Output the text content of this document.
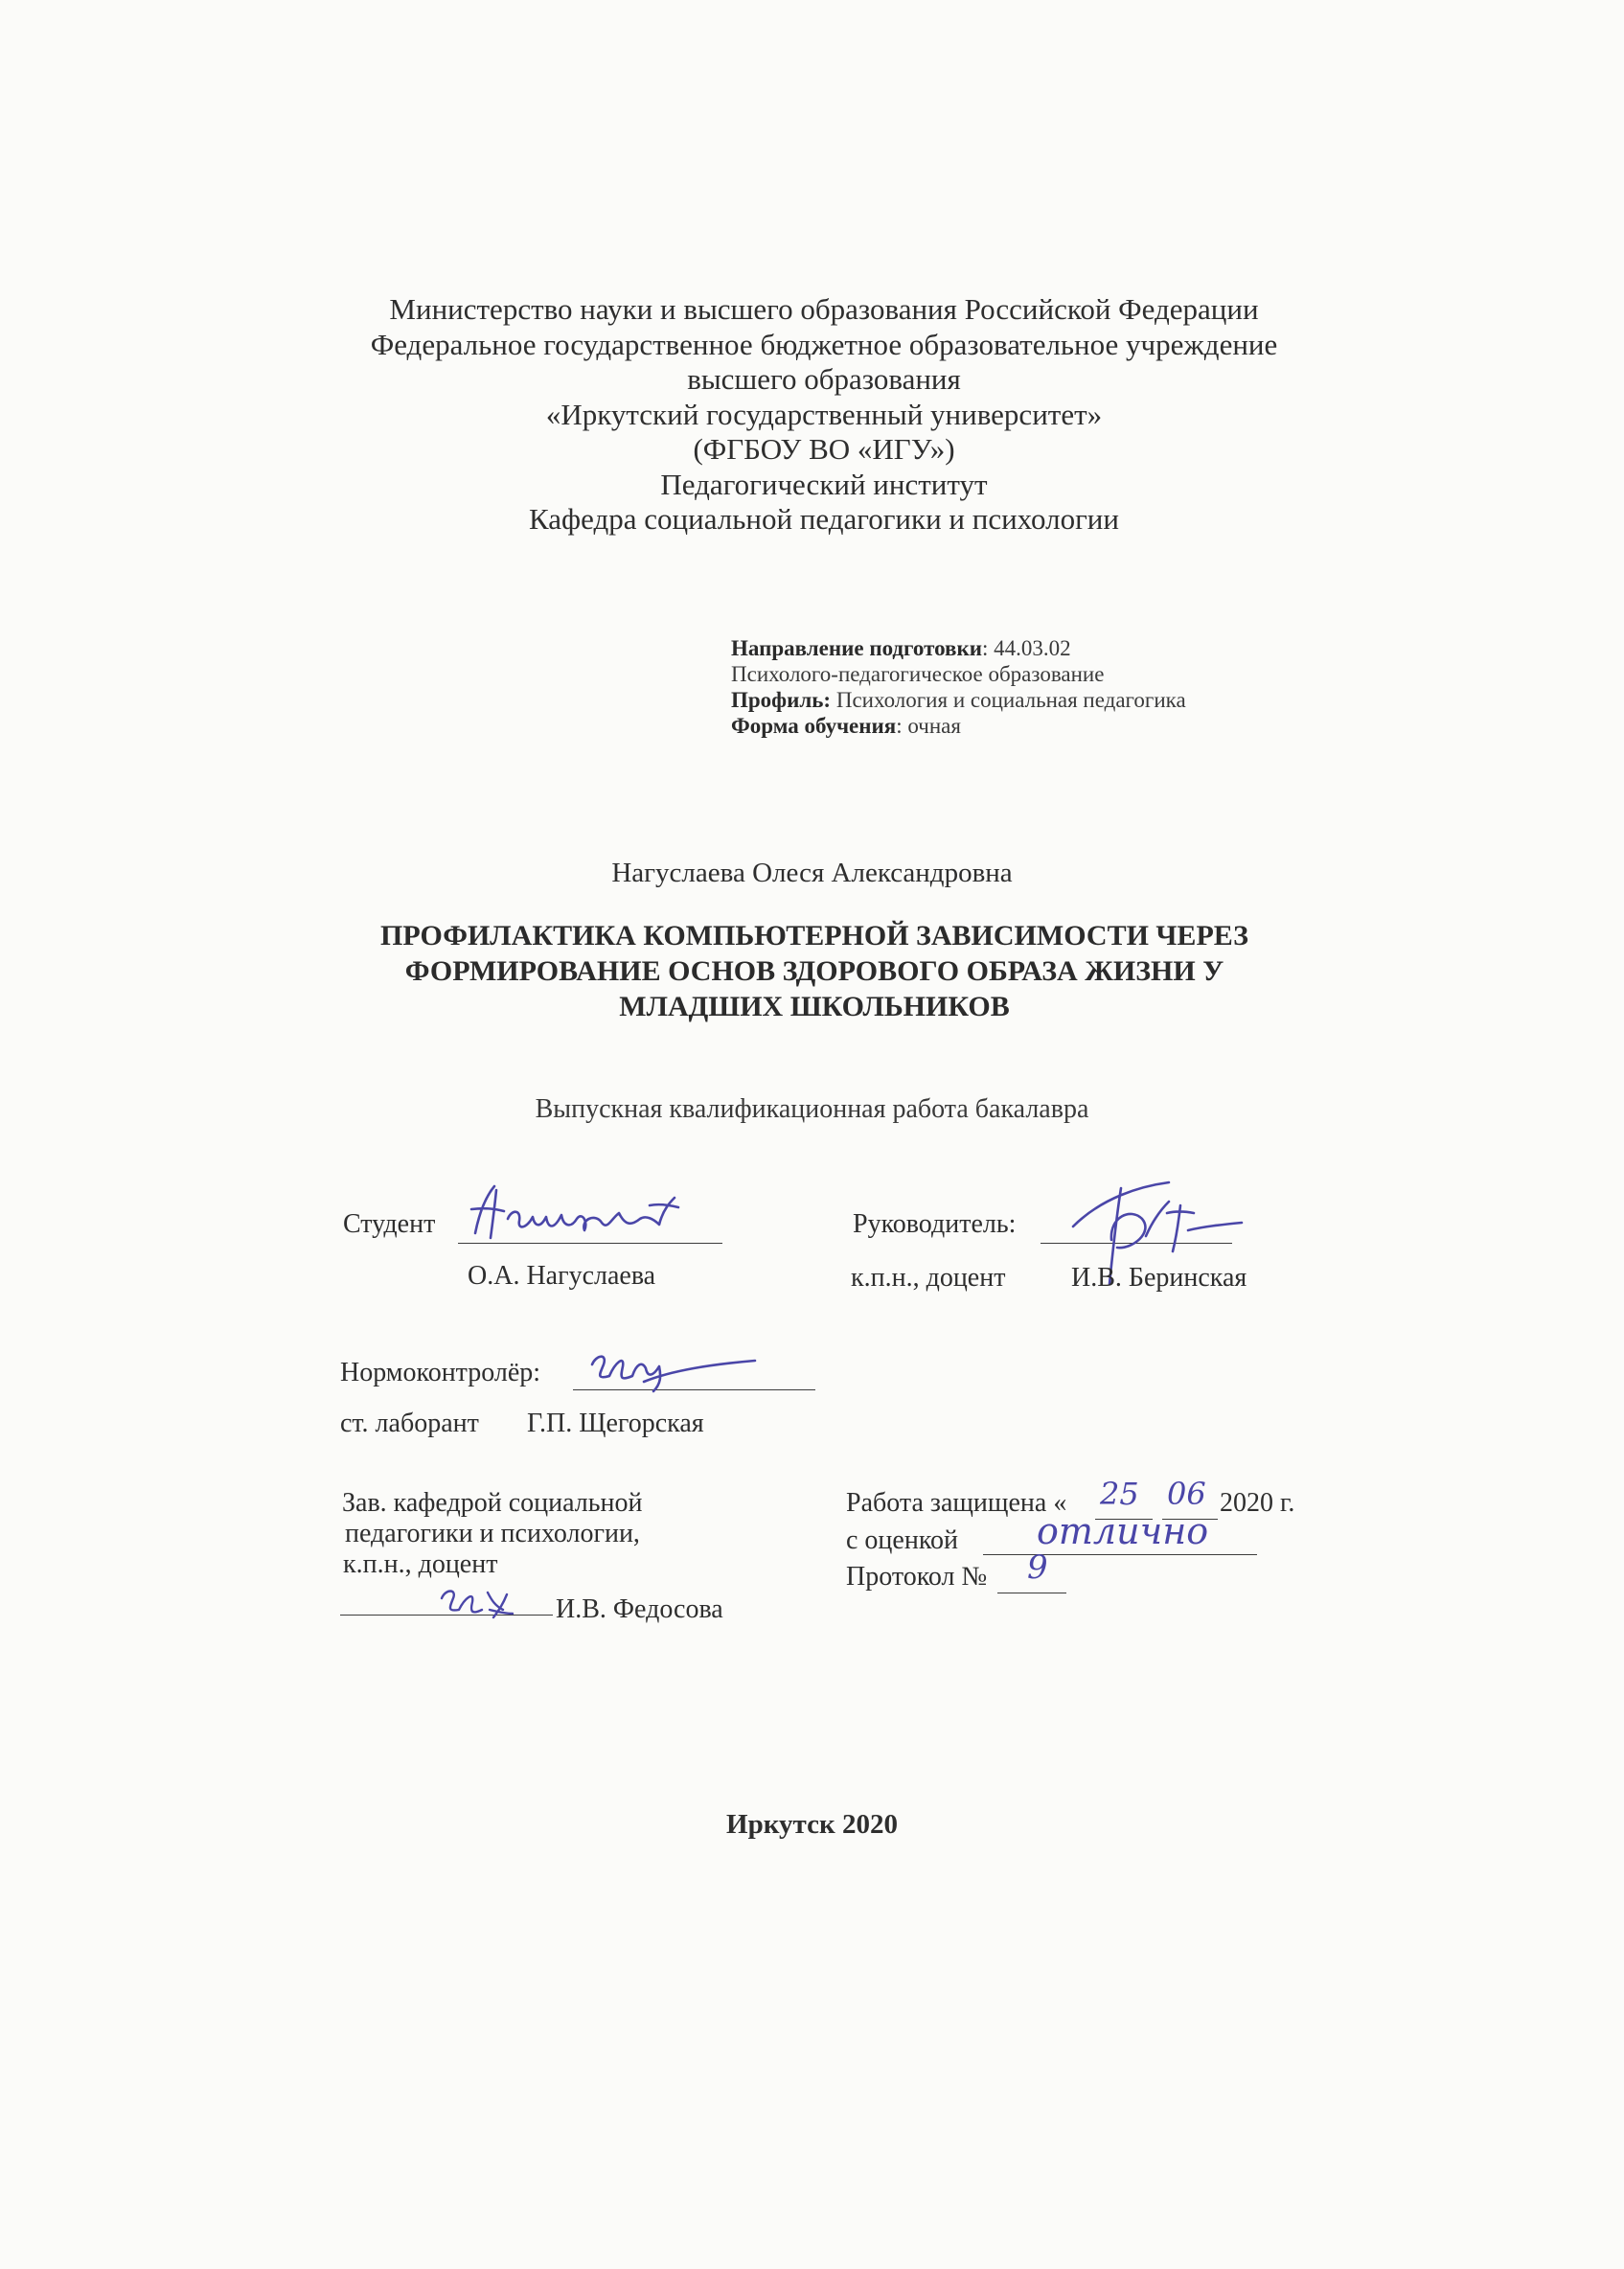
Министерство науки и высшего образования Российской Федерации
Федеральное государственное бюджетное образовательное учреждение
высшего образования
«Иркутский государственный университет»
(ФГБОУ ВО «ИГУ»)
Педагогический институт
Кафедра социальной педагогики и психологии
Направление подготовки: 44.03.02
Психолого-педагогическое образование
Профиль: Психология и социальная педагогика
Форма обучения: очная
Нагуслаева Олеся Александровна
ПРОФИЛАКТИКА КОМПЬЮТЕРНОЙ ЗАВИСИМОСТИ ЧЕРЕЗ
ФОРМИРОВАНИЕ ОСНОВ ЗДОРОВОГО ОБРАЗА ЖИЗНИ У
МЛАДШИХ ШКОЛЬНИКОВ
Выпускная квалификационная работа бакалавра
Студент
О.А. Нагуслаева
Руководитель:
к.п.н., доцент И.В. Беринская
Нормоконтролёр:
ст. лаборант Г.П. Щегорская
Зав. кафедрой социальной
педагогики и психологии,
к.п.н., доцент
И.В. Федосова
Работа защищена « 25 06 2020 г.
с оценкой отлично
Протокол № 9
Иркутск 2020
